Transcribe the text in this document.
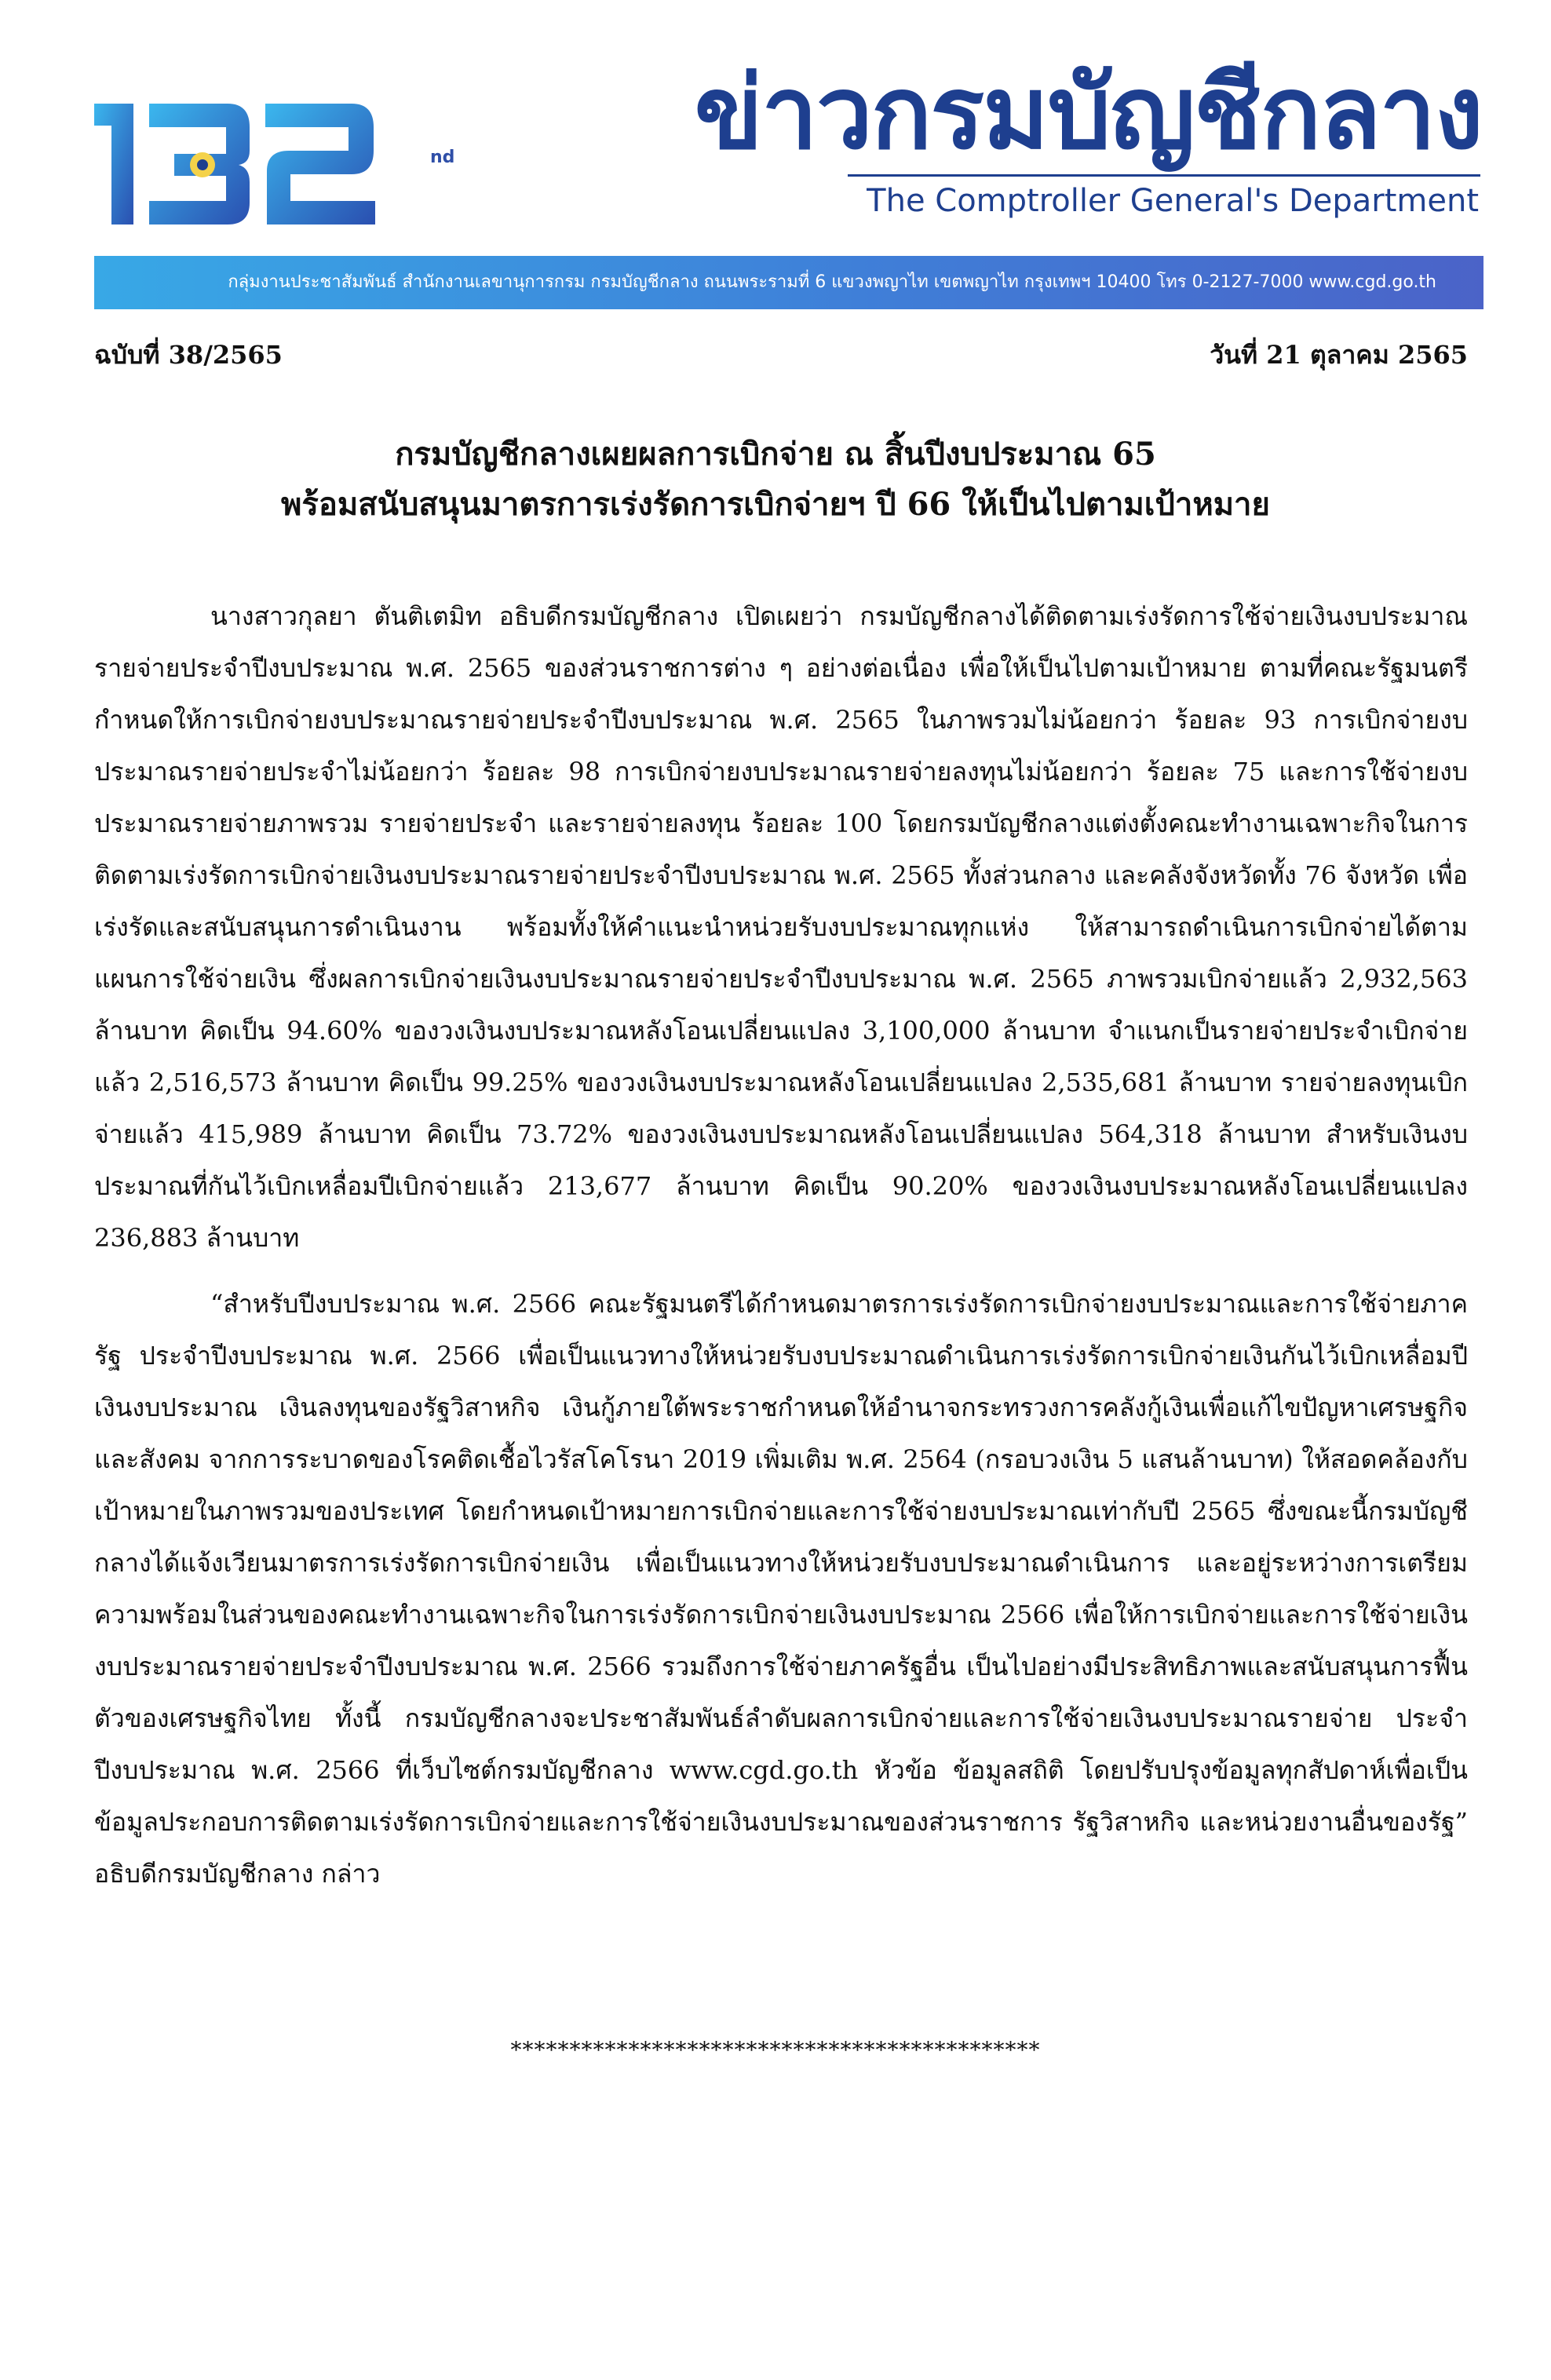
nd ข่าวกรมบัญชีกลาง
The Comptroller General's Department
กลุ่มงานประชาสัมพันธ์ สำนักงานเลขานุการกรม กรมบัญชีกลาง ถนนพระรามที่ 6 แขวงพญาไท เขตพญาไท กรุงเทพฯ 10400 โทร 0-2127-7000 www.cgd.go.th
ฉบับที่ 38/2565	วันที่ 21 ตุลาคม 2565
กรมบัญชีกลางเผยผลการเบิกจ่าย ณ สิ้นปีงบประมาณ 65
พร้อมสนับสนุนมาตรการเร่งรัดการเบิกจ่ายฯ ปี 66 ให้เป็นไปตามเป้าหมาย

นางสาวกุลยา ตันติเตมิท อธิบดีกรมบัญชีกลาง เปิดเผยว่า กรมบัญชีกลางได้ติดตามเร่งรัดการใช้จ่ายเงินงบประมาณรายจ่ายประจำปีงบประมาณ พ.ศ. 2565 ของส่วนราชการต่าง ๆ อย่างต่อเนื่อง เพื่อให้เป็นไปตามเป้าหมาย ตามที่คณะรัฐมนตรีกำหนดให้การเบิกจ่ายงบประมาณรายจ่ายประจำปีงบประมาณ พ.ศ. 2565 ในภาพรวมไม่น้อยกว่า ร้อยละ 93 การเบิกจ่ายงบประมาณรายจ่ายประจำไม่น้อยกว่า ร้อยละ 98 การเบิกจ่ายงบประมาณรายจ่ายลงทุนไม่น้อยกว่า ร้อยละ 75 และการใช้จ่ายงบประมาณรายจ่ายภาพรวม รายจ่ายประจำ และรายจ่ายลงทุน ร้อยละ 100 โดยกรมบัญชีกลางแต่งตั้งคณะทำงานเฉพาะกิจในการติดตามเร่งรัดการเบิกจ่ายเงินงบประมาณรายจ่ายประจำปีงบประมาณ พ.ศ. 2565 ทั้งส่วนกลาง และคลังจังหวัดทั้ง 76 จังหวัด เพื่อเร่งรัดและสนับสนุนการดำเนินงาน พร้อมทั้งให้คำแนะนำหน่วยรับงบประมาณทุกแห่ง ให้สามารถดำเนินการเบิกจ่ายได้ตามแผนการใช้จ่ายเงิน ซึ่งผลการเบิกจ่ายเงินงบประมาณรายจ่ายประจำปีงบประมาณ พ.ศ. 2565 ภาพรวมเบิกจ่ายแล้ว 2,932,563 ล้านบาท คิดเป็น 94.60% ของวงเงินงบประมาณหลังโอนเปลี่ยนแปลง 3,100,000 ล้านบาท จำแนกเป็นรายจ่ายประจำเบิกจ่ายแล้ว 2,516,573 ล้านบาท คิดเป็น 99.25% ของวงเงินงบประมาณหลังโอนเปลี่ยนแปลง 2,535,681 ล้านบาท รายจ่ายลงทุนเบิกจ่ายแล้ว 415,989 ล้านบาท คิดเป็น 73.72% ของวงเงินงบประมาณหลังโอนเปลี่ยนแปลง 564,318 ล้านบาท สำหรับเงินงบประมาณที่กันไว้เบิกเหลื่อมปีเบิกจ่ายแล้ว 213,677 ล้านบาท คิดเป็น 90.20% ของวงเงินงบประมาณหลังโอนเปลี่ยนแปลง 236,883 ล้านบาท

“สำหรับปีงบประมาณ พ.ศ. 2566 คณะรัฐมนตรีได้กำหนดมาตรการเร่งรัดการเบิกจ่ายงบประมาณและการใช้จ่ายภาครัฐ ประจำปีงบประมาณ พ.ศ. 2566 เพื่อเป็นแนวทางให้หน่วยรับงบประมาณดำเนินการเร่งรัดการเบิกจ่ายเงินกันไว้เบิกเหลื่อมปี เงินงบประมาณ เงินลงทุนของรัฐวิสาหกิจ เงินกู้ภายใต้พระราชกำหนดให้อำนาจกระทรวงการคลังกู้เงินเพื่อแก้ไขปัญหาเศรษฐกิจและสังคม จากการระบาดของโรคติดเชื้อไวรัสโคโรนา 2019 เพิ่มเติม พ.ศ. 2564 (กรอบวงเงิน 5 แสนล้านบาท) ให้สอดคล้องกับเป้าหมายในภาพรวมของประเทศ โดยกำหนดเป้าหมายการเบิกจ่ายและการใช้จ่ายงบประมาณเท่ากับปี 2565 ซึ่งขณะนี้กรมบัญชีกลางได้แจ้งเวียนมาตรการเร่งรัดการเบิกจ่ายเงิน เพื่อเป็นแนวทางให้หน่วยรับงบประมาณดำเนินการ และอยู่ระหว่างการเตรียมความพร้อมในส่วนของคณะทำงานเฉพาะกิจในการเร่งรัดการเบิกจ่ายเงินงบประมาณ 2566 เพื่อให้การเบิกจ่ายและการใช้จ่ายเงินงบประมาณรายจ่ายประจำปีงบประมาณ พ.ศ. 2566 รวมถึงการใช้จ่ายภาครัฐอื่น เป็นไปอย่างมีประสิทธิภาพและสนับสนุนการฟื้นตัวของเศรษฐกิจไทย ทั้งนี้ กรมบัญชีกลางจะประชาสัมพันธ์ลำดับผลการเบิกจ่ายและการใช้จ่ายเงินงบประมาณรายจ่าย ประจำปีงบประมาณ พ.ศ. 2566 ที่เว็บไซต์กรมบัญชีกลาง www.cgd.go.th หัวข้อ ข้อมูลสถิติ โดยปรับปรุงข้อมูลทุกสัปดาห์เพื่อเป็นข้อมูลประกอบการติดตามเร่งรัดการเบิกจ่ายและการใช้จ่ายเงินงบประมาณของส่วนราชการ รัฐวิสาหกิจ และหน่วยงานอื่นของรัฐ” อธิบดีกรมบัญชีกลาง กล่าว

*********************************************
